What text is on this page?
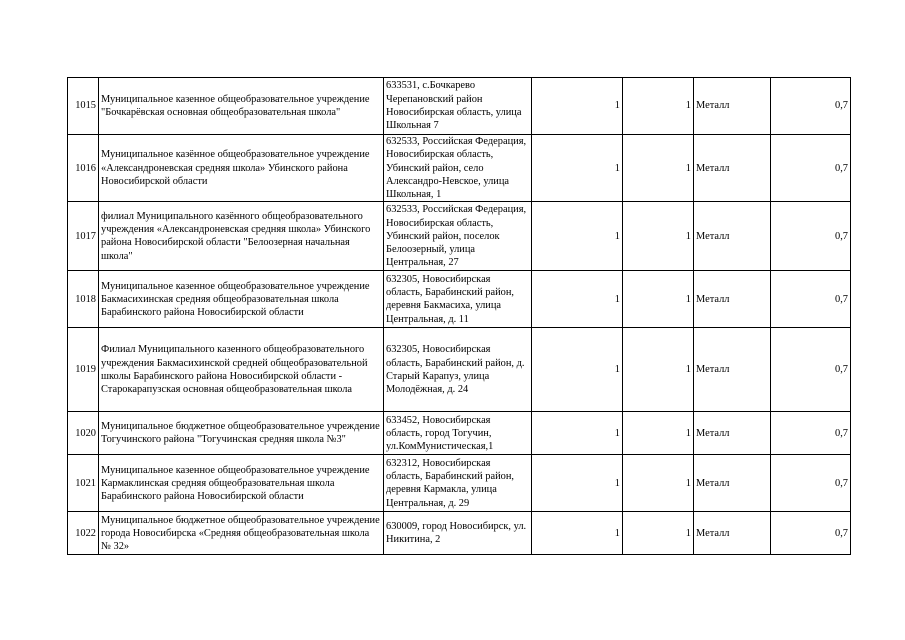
1015	Муниципальное казенное общеобразовательное учреждение "Бочкарёвская основная общеобразовательная школа"	633531, с.Бочкарево Черепановский район Новосибирская область, улица Школьная 7	1	1	Металл	0,7
1016	Муниципальное казённое общеобразовательное учреждение «Александроневская средняя школа» Убинского района Новосибирской области	632533, Российская Федерация, Новосибирская область, Убинский район, село Александро-Невское, улица Школьная, 1	1	1	Металл	0,7
1017	филиал Муниципального казённого общеобразовательного учреждения «Александроневская средняя школа» Убинского района Новосибирской области "Белоозерная начальная школа"	632533, Российская Федерация, Новосибирская область, Убинский район, поселок Белоозерный, улица Центральная, 27	1	1	Металл	0,7
1018	Муниципальное казенное общеобразовательное учреждение Бакмасихинская средняя общеобразовательная школа Барабинского района Новосибирской области	632305, Новосибирская область, Барабинский район, деревня Бакмасиха, улица Центральная, д. 11	1	1	Металл	0,7
1019	Филиал Муниципального казенного общеобразовательного учреждения Бакмасихинской средней общеобразовательной школы Барабинского района Новосибирской области - Старокарапузская основная общеобразовательная школа	632305, Новосибирская область, Барабинский район, д. Старый Карапуз, улица Молодёжная, д. 24	1	1	Металл	0,7
1020	Муниципальное бюджетное общеобразовательное учреждение Тогучинского района "Тогучинская средняя школа №3"	633452, Новосибирская область, город Тогучин, ул.КомМунистическая,1	1	1	Металл	0,7
1021	Муниципальное казенное общеобразовательное учреждение Кармаклинская средняя общеобразовательная школа Барабинского района Новосибирской области	632312, Новосибирская область, Барабинский район, деревня Кармакла, улица Центральная, д. 29	1	1	Металл	0,7
1022	Муниципальное бюджетное общеобразовательное учреждение города Новосибирска «Средняя общеобразовательная школа № 32»	630009, город Новосибирск, ул. Никитина, 2	1	1	Металл	0,7
